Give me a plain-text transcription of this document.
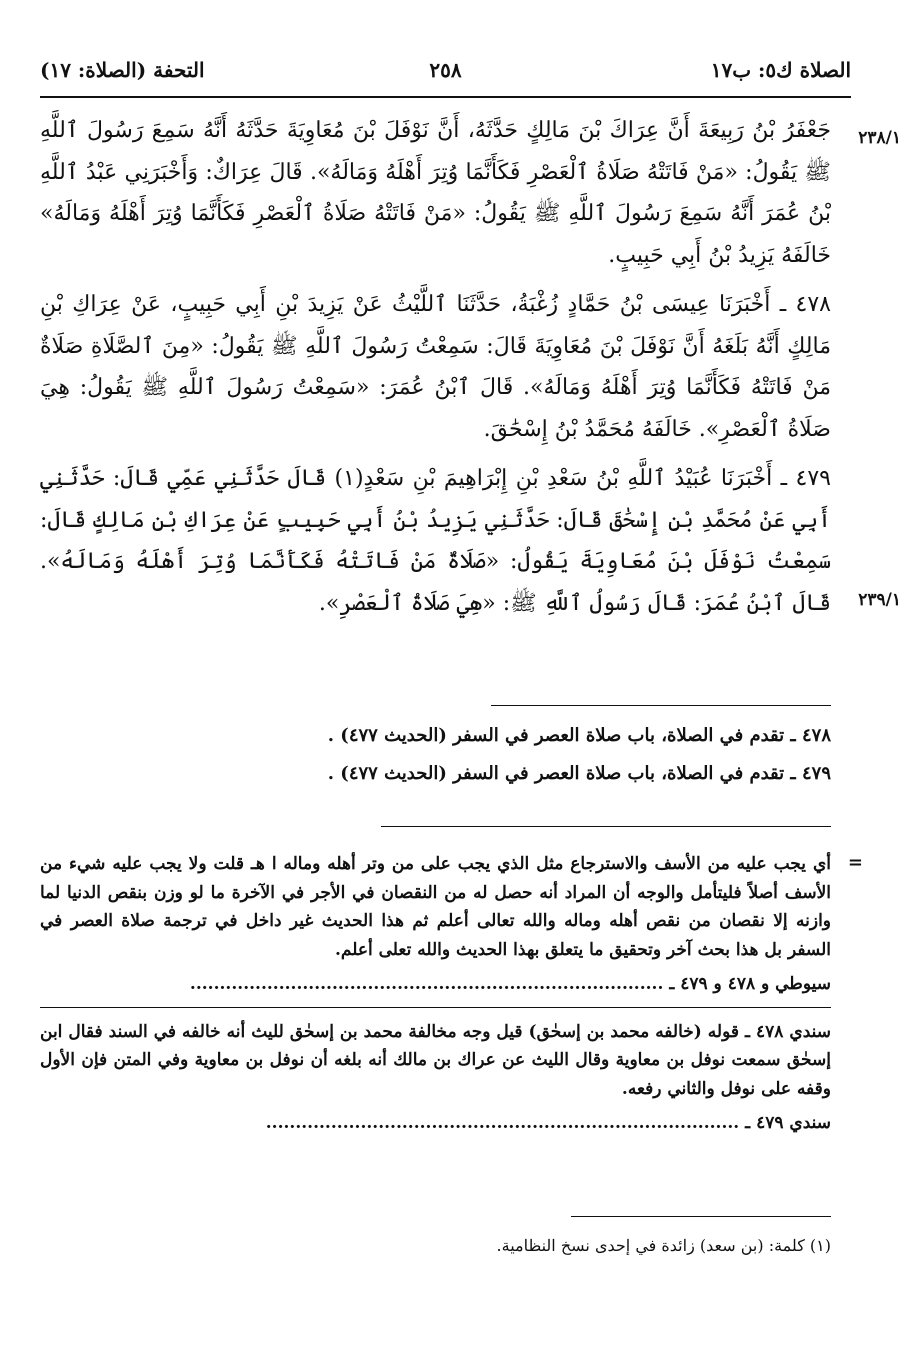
الصلاة ك٥: ب١٧
٢٥٨
التحفة (الصلاة: ١٧)
٢٣٨/١
٢٣٩/١

جَعْفَرُ بْنُ رَبِيعَةَ أَنَّ عِرَاكَ بْنَ مَالِكٍ حَدَّثَهُ، أَنَّ نَوْفَلَ بْنَ مُعَاوِيَةَ حَدَّثَهُ أَنَّهُ سَمِعَ رَسُولَ ٱللَّهِ ﷺ يَقُولُ: «مَنْ فَاتَتْهُ صَلَاةُ ٱلْعَصْرِ فَكَأَنَّمَا وُتِرَ أَهْلَهُ وَمَالَهُ». قَالَ عِرَاكٌ: وَأَخْبَرَنِي عَبْدُ ٱللَّهِ بْنُ عُمَرَ أَنَّهُ سَمِعَ رَسُولَ ٱللَّهِ ﷺ يَقُولُ: «مَنْ فَاتَتْهُ صَلَاةُ ٱلْعَصْرِ فَكَأَنَّمَا وُتِرَ أَهْلَهُ وَمَالَهُ» خَالَفَهُ يَزِيدُ بْنُ أَبِي حَبِيبٍ.

٤٧٨ ـ أَخْبَرَنَا عِيسَى بْنُ حَمَّادٍ زُغْبَةُ، حَدَّثَنَا ٱللَّيْثُ عَنْ يَزِيدَ بْنِ أَبِي حَبِيبٍ، عَنْ عِرَاكِ بْنِ مَالِكٍ أَنَّهُ بَلَغَهُ أَنَّ نَوْفَلَ بْنَ مُعَاوِيَةَ قَالَ: سَمِعْتُ رَسُولَ ٱللَّهِ ﷺ يَقُولُ: «مِنَ ٱلصَّلَاةِ صَلَاةٌ مَنْ فَاتَتْهُ فَكَأَنَّمَا وُتِرَ أَهْلَهُ وَمَالَهُ». قَالَ ٱبْنُ عُمَرَ: «سَمِعْتُ رَسُولَ ٱللَّهِ ﷺ يَقُولُ: هِيَ صَلَاةُ ٱلْعَصْرِ». خَالَفَهُ مُحَمَّدُ بْنُ إِسْحَٰقَ.

٤٧٩ ـ أَخْبَرَنَا عُبَيْدُ ٱللَّهِ بْنُ سَعْدِ بْنِ إِبْرَاهِيمَ بْنِ سَعْدٍ(١) قَالَ حَدَّثَنِي عَمِّي قَالَ: حَدَّثَنِي أَبِي عَنْ مُحَمَّدِ بْنِ إِسْحَٰقَ قَالَ: حَدَّثَنِي يَزِيدُ بْنُ أَبِي حَبِيبٍ عَنْ عِرَاكِ بْنِ مَالِكٍ قَالَ: سَمِعْتُ نَوْفَلَ بْنَ مُعَاوِيَةَ يَقُولُ: «صَلَاةٌ مَنْ فَاتَتْهُ فَكَأَنَّمَا وُتِرَ أَهْلَهُ وَمَالَهُ». قَالَ ٱبْنُ عُمَرَ: قَالَ رَسُولُ ٱللَّهِ ﷺ: «هِيَ صَلَاةُ ٱلْعَصْرِ».

٤٧٨ ـ تقدم في الصلاة، باب صلاة العصر في السفر (الحديث ٤٧٧) .

٤٧٩ ـ تقدم في الصلاة، باب صلاة العصر في السفر (الحديث ٤٧٧) .

=

أي يجب عليه من الأسف والاسترجاع مثل الذي يجب على من وتر أهله وماله ا هـ قلت ولا يجب عليه شيء من الأسف أصلاً فليتأمل والوجه أن المراد أنه حصل له من النقصان في الأجر في الآخرة ما لو وزن بنقص الدنيا لما وازنه إلا نقصان من نقص أهله وماله والله تعالى أعلم ثم هذا الحديث غير داخل في ترجمة صلاة العصر في السفر بل هذا بحث آخر وتحقيق ما يتعلق بهذا الحديث والله تعلى أعلم.

سيوطي و ٤٧٨ و ٤٧٩ ـ ................................................................................

سندي ٤٧٨ ـ قوله (خالفه محمد بن إسحٰق) قيل وجه مخالفة محمد بن إسحٰق لليث أنه خالفه في السند فقال ابن إسحٰق سمعت نوفل بن معاوية وقال الليث عن عراك بن مالك أنه بلغه أن نوفل بن معاوية وفي المتن فإن الأول وقفه على نوفل والثاني رفعه.

سندي ٤٧٩ ـ ................................................................................

(١) كلمة: (بن سعد) زائدة في إحدى نسخ النظامية.
